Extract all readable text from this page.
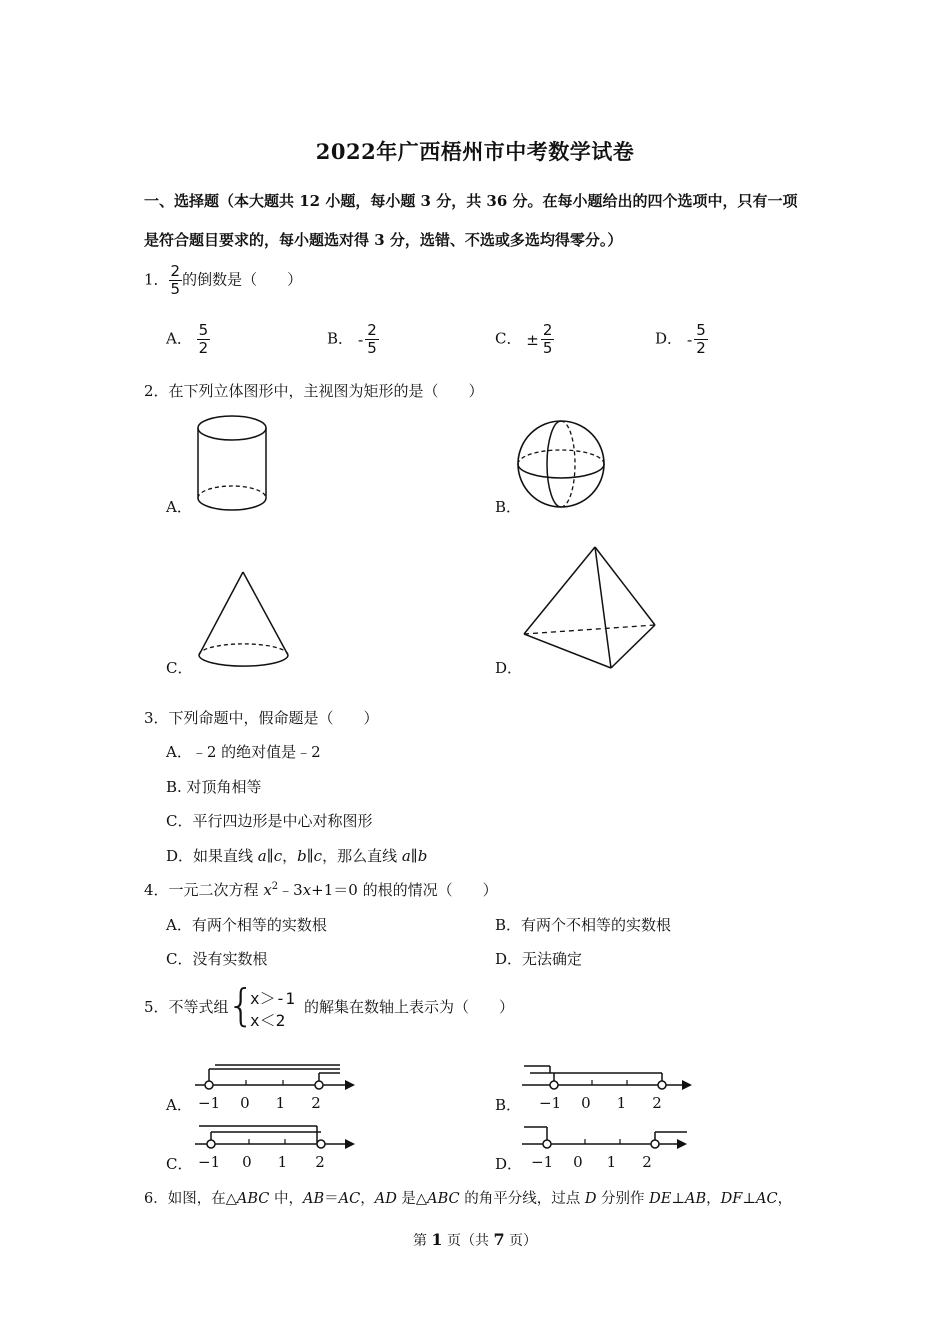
2022年广西梧州市中考数学试卷
一、选择题（本大题共 12 小题，每小题 3 分，共 36 分。在每小题给出的四个选项中，只有一项
是符合题目要求的，每小题选对得 3 分，选错、不选或多选均得零分。）
1． $\frac{2}{5}$ 的倒数是（　　）
A． $\frac{5}{2}$	B． - $\frac{2}{5}$	C． ± $\frac{2}{5}$	D． - $\frac{5}{2}$
2．在下列立体图形中，主视图为矩形的是（　　）
A．	B．
C．	D．
3．下列命题中，假命题是（　　）
A．﹣2 的绝对值是﹣2
B. 对顶角相等
C．平行四边形是中心对称图形
D．如果直线 a∥c，b∥c，那么直线 a∥b
4．一元二次方程 $x^2﹣3x+1=0$ 的根的情况（　　）
A．有两个相等的实数根	B．有两个不相等的实数根
C．没有实数根	D．无法确定
5．不等式组
{
x＞-1
x＜2
的解集在数轴上表示为（　　）
A． −1 0 1 2	B． −1 0 1 2
C． −1 0 1 2	D． −1 0 1 2
6．如图，在△ABC 中，AB＝AC，AD 是△ABC 的角平分线，过点 D 分别作 DE⊥AB，DF⊥AC，
第 1 页（共 7 页）
